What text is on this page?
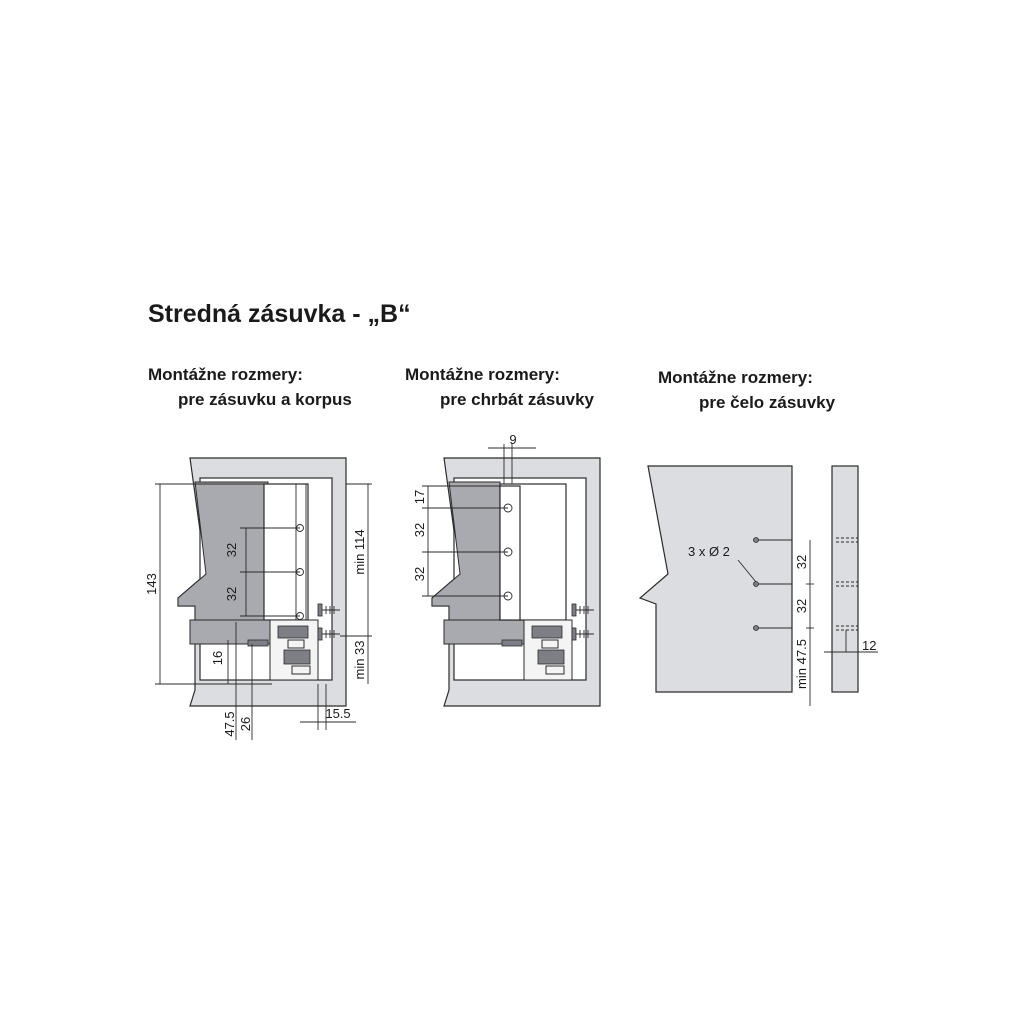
Stredná zásuvka - „B“
Montážne rozmery:
pre zásuvku a korpus
Montážne rozmery:
pre chrbát zásuvky
Montážne rozmery:
pre čelo zásuvky
143
32
32
16
47.5 26
15.5
min 114
min 33
9
17
32
32
3 x Ø 2
32
32
min 47.5	12
